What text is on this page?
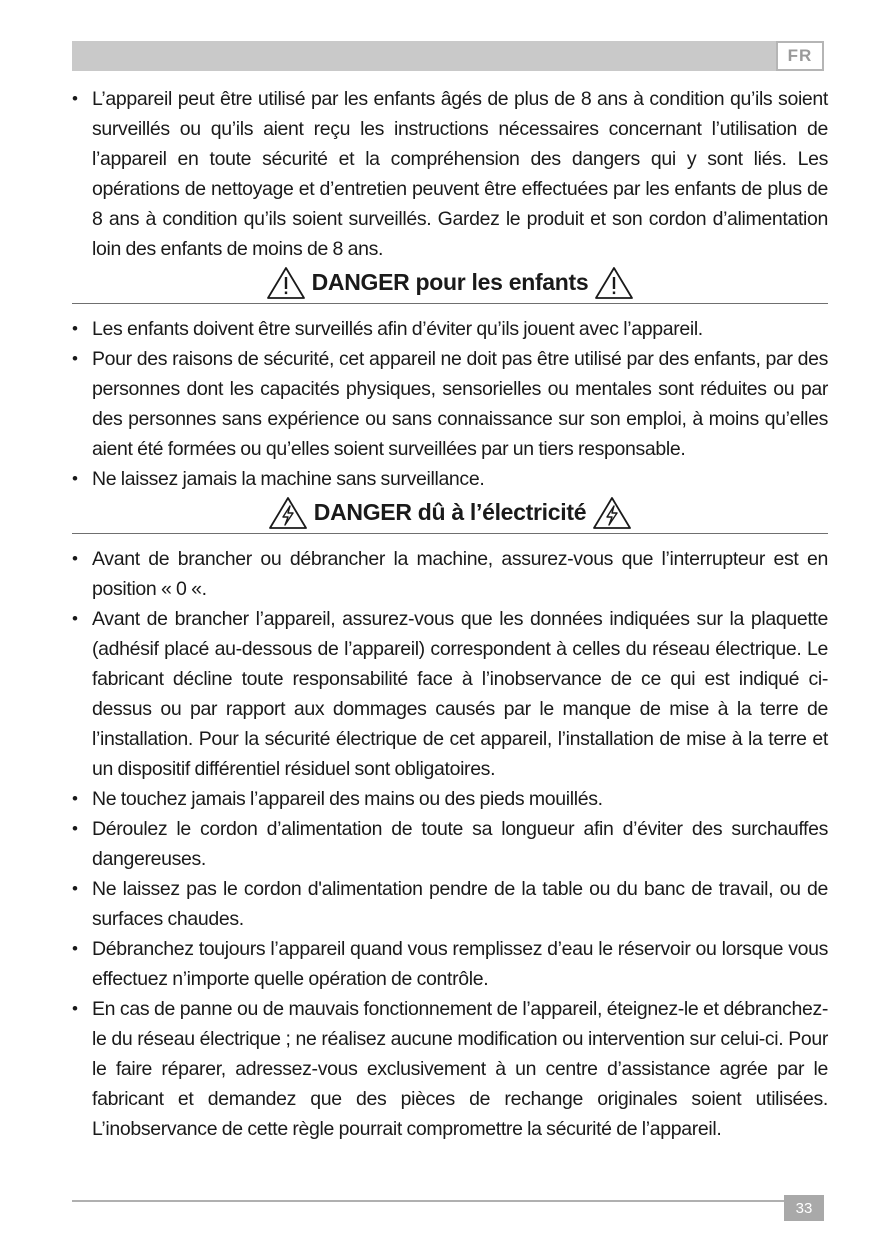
FR
• L’appareil peut être utilisé par les enfants âgés de plus de 8 ans à condition qu’ils soient surveillés ou qu’ils aient reçu les instructions nécessaires concernant l’utilisation de l’appareil en toute sécurité et la compréhension des dangers qui y sont liés. Les opérations de nettoyage et d’entretien peuvent être effectuées par les enfants de plus de 8 ans à condition qu’ils soient surveillés. Gardez le produit et son cordon d’alimentation loin des enfants de moins de 8 ans.
DANGER pour les enfants
• Les enfants doivent être surveillés afin d’éviter qu’ils jouent avec l’appareil.
• Pour des raisons de sécurité, cet appareil ne doit pas être utilisé par des enfants, par des personnes dont les capacités physiques, sensorielles ou mentales sont réduites ou par des personnes sans expérience ou sans connaissance sur son emploi, à moins qu’elles aient été formées ou qu’elles soient surveillées par un tiers responsable.
• Ne laissez jamais la machine sans surveillance.
DANGER dû à l’électricité
• Avant de brancher ou débrancher la machine, assurez-vous que l’interrupteur est en position « 0 «.
• Avant de brancher l’appareil, assurez-vous que les données indiquées sur la plaquette (adhésif placé au-dessous de l’appareil) correspondent à celles du réseau électrique. Le fabricant décline toute responsabilité face à l’inobservance de ce qui est indiqué ci-dessus ou par rapport aux dommages causés par le manque de mise à la terre de l’installation. Pour la sécurité électrique de cet appareil, l’installation de mise à la terre et un dispositif différentiel résiduel sont obligatoires.
• Ne touchez jamais l’appareil des mains ou des pieds mouillés.
• Déroulez le cordon d’alimentation de toute sa longueur afin d’éviter des surchauffes dangereuses.
• Ne laissez pas le cordon d'alimentation pendre de la table ou du banc de travail, ou de surfaces chaudes.
• Débranchez toujours l’appareil quand vous remplissez d’eau le réservoir ou lorsque vous effectuez n’importe quelle opération de contrôle.
• En cas de panne ou de mauvais fonctionnement de l’appareil, éteignez-le et débranchez-le du réseau électrique ; ne réalisez aucune modification ou intervention sur celui-ci. Pour le faire réparer, adressez-vous exclusivement à un centre d’assistance agrée par le fabricant et demandez que des pièces de rechange originales soient utilisées. L’inobservance de cette règle pourrait compromettre la sécurité de l’appareil.
33
